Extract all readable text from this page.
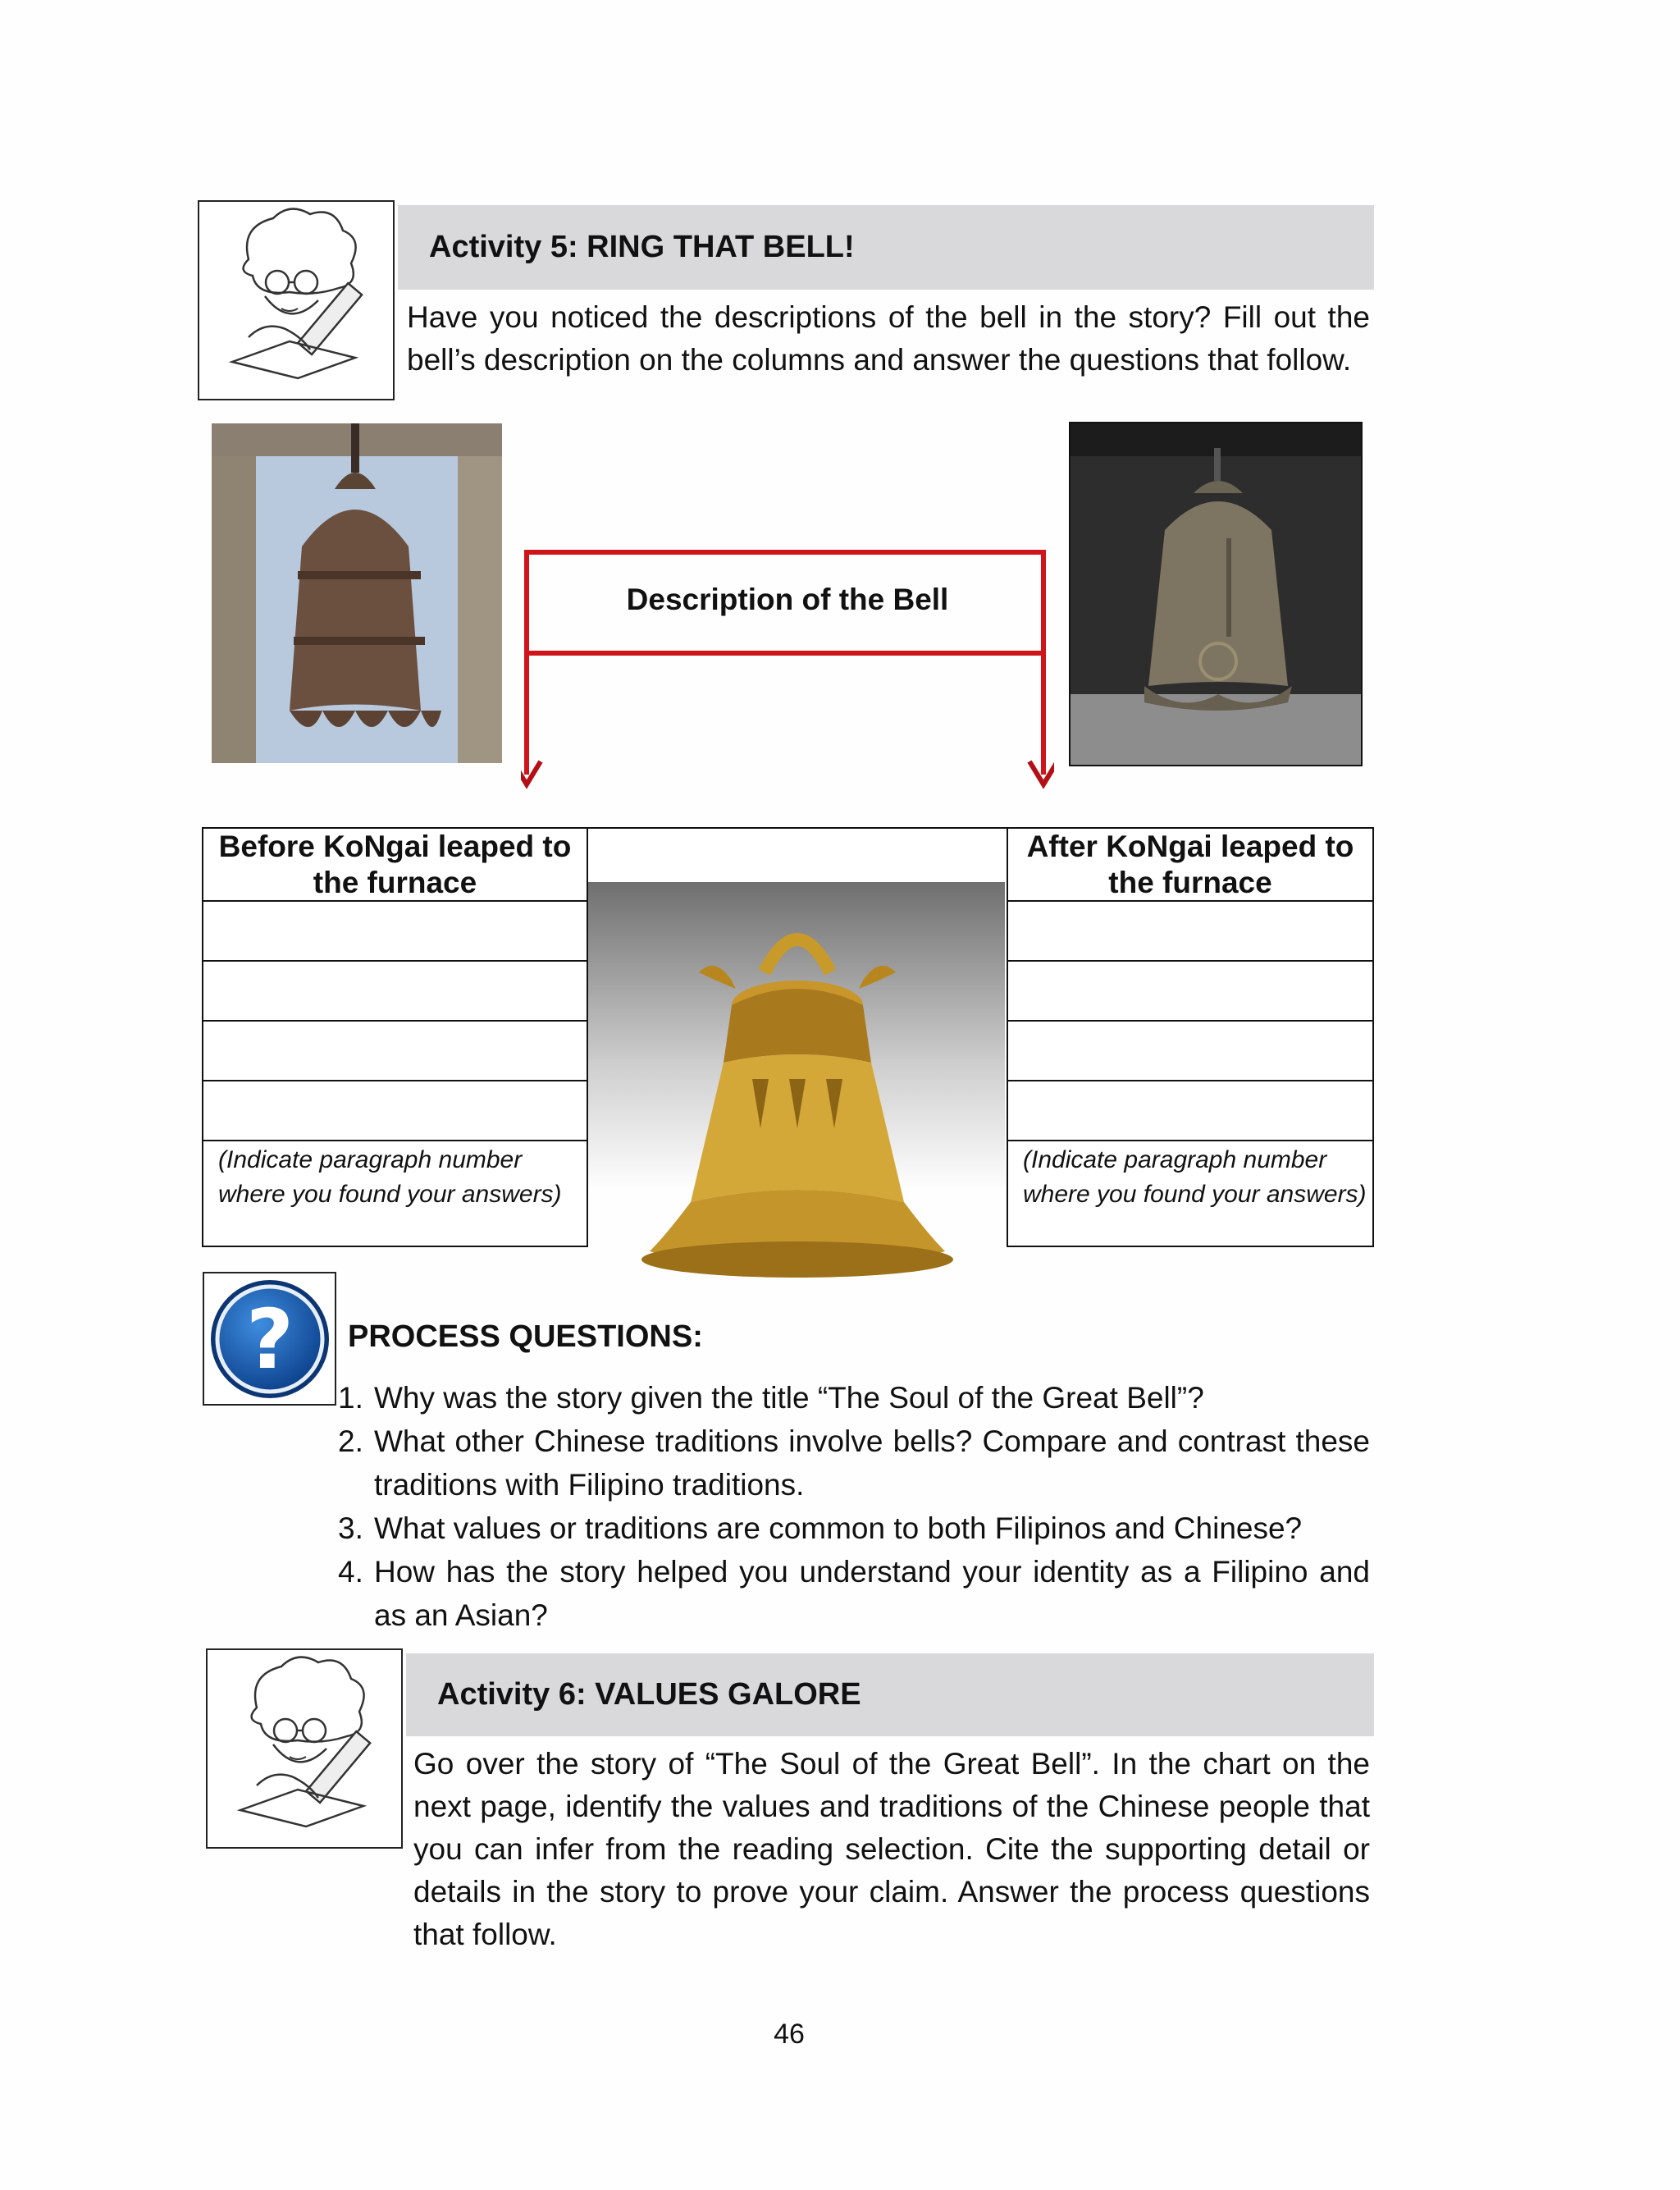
Activity 5: RING THAT BELL!
Have you noticed the descriptions of the bell in the story? Fill out the bell’s description on the columns and answer the questions that follow.
Description of the Bell
Before KoNgai leaped to the furnace
(Indicate paragraph number where you found your answers)
After KoNgai leaped to the furnace
(Indicate paragraph number where you found your answers)
? PROCESS QUESTIONS:
1. Why was the story given the title “The Soul of the Great Bell”?
2. What other Chinese traditions involve bells? Compare and contrast these traditions with Filipino traditions.
3. What values or traditions are common to both Filipinos and Chinese?
4. How has the story helped you understand your identity as a Filipino and as an Asian?
Activity 6: VALUES GALORE
Go over the story of “The Soul of the Great Bell”. In the chart on the next page, identify the values and traditions of the Chinese people that you can infer from the reading selection. Cite the supporting detail or details in the story to prove your claim. Answer the process questions that follow.
46
